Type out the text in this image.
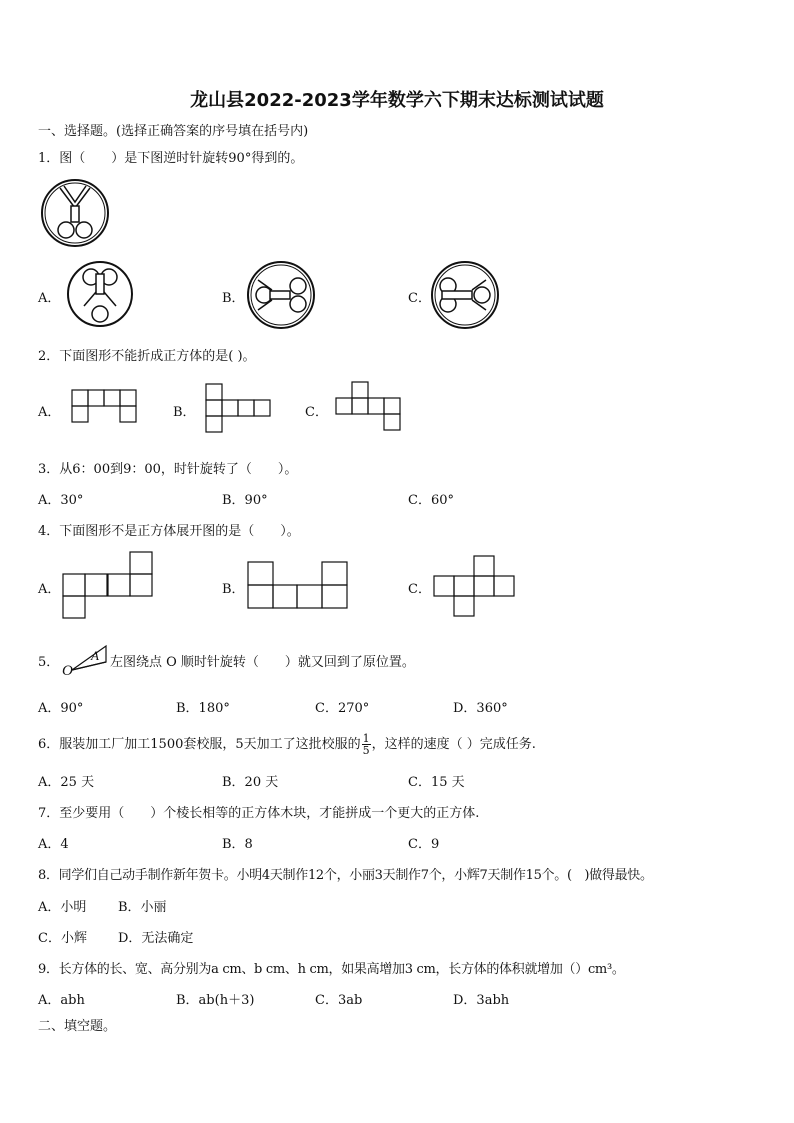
龙山县2022-2023学年数学六下期末达标测试试题
一、选择题。(选择正确答案的序号填在括号内)
1．图（　　）是下图逆时针旋转90°得到的。
A．	B．	C．
2．下面图形不能折成正方体的是( )。
A．	B．	C．
3．从6：00到9：00，时针旋转了（　　）。
A．30°	B．90°	C．60°
4．下面图形不是正方体展开图的是（　　）。
A．	B．	C．
5．
O
A 左图绕点 O 顺时针旋转（　　）就又回到了原位置。
A．90°	B．180°	C．270°	D．360°
6．服装加工厂加工1500套校服，5天加工了这批校服的 $\frac{1}{5}$ ，这样的速度（ ）完成任务.
A．25 天	B．20 天	C．15 天
7．至少要用（　　）个棱长相等的正方体木块，才能拼成一个更大的正方体.
A．4	B．8	C．9
8．同学们自己动手制作新年贺卡。小明4天制作12个，小丽3天制作7个，小辉7天制作15个。(　)做得最快。
A．小明 B．小丽
C．小辉 D．无法确定
9．长方体的长、宽、高分别为a cm、b cm、h cm，如果高增加3 cm，长方体的体积就增加（）cm³。
A．abh	B．ab(h＋3)	C．3ab	D．3abh
二、填空题。
